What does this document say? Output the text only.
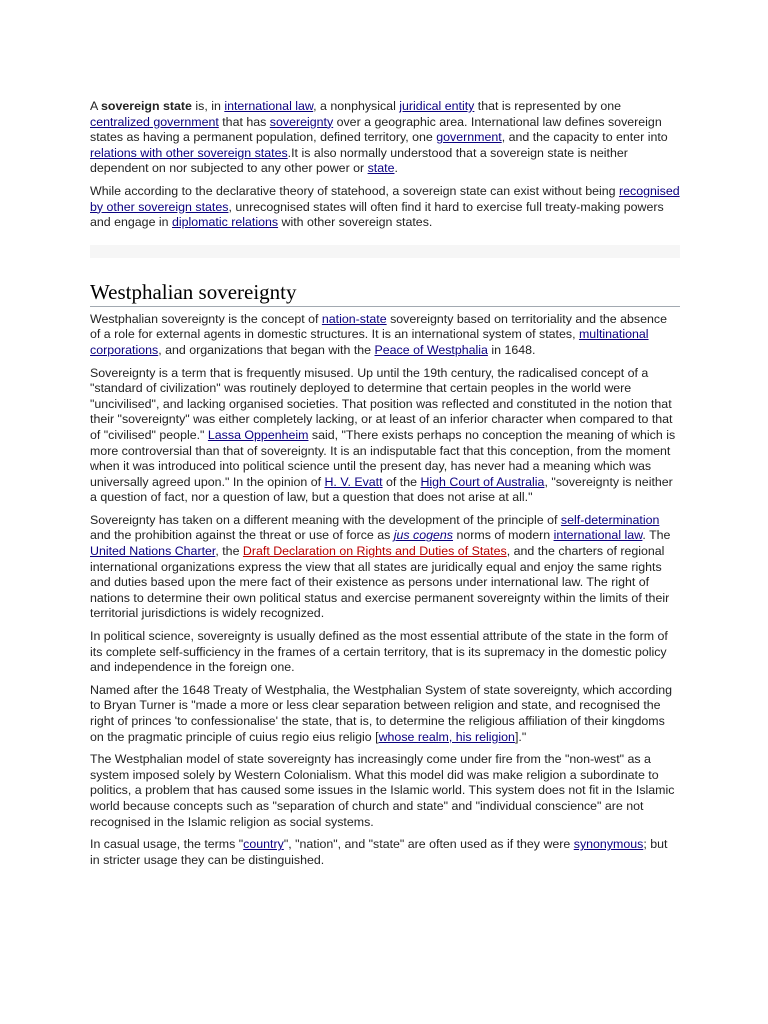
A sovereign state is, in international law, a nonphysical juridical entity that is represented by one centralized government that has sovereignty over a geographic area. International law defines sovereign states as having a permanent population, defined territory, one government, and the capacity to enter into relations with other sovereign states.It is also normally understood that a sovereign state is neither dependent on nor subjected to any other power or state.

While according to the declarative theory of statehood, a sovereign state can exist without being recognised by other sovereign states, unrecognised states will often find it hard to exercise full treaty-making powers and engage in diplomatic relations with other sovereign states.

Westphalian sovereignty

Westphalian sovereignty is the concept of nation-state sovereignty based on territoriality and the absence of a role for external agents in domestic structures. It is an international system of states, multinational corporations, and organizations that began with the Peace of Westphalia in 1648.

Sovereignty is a term that is frequently misused. Up until the 19th century, the radicalised concept of a "standard of civilization" was routinely deployed to determine that certain peoples in the world were "uncivilised", and lacking organised societies. That position was reflected and constituted in the notion that their "sovereignty" was either completely lacking, or at least of an inferior character when compared to that of "civilised" people." Lassa Oppenheim said, "There exists perhaps no conception the meaning of which is more controversial than that of sovereignty. It is an indisputable fact that this conception, from the moment when it was introduced into political science until the present day, has never had a meaning which was universally agreed upon." In the opinion of H. V. Evatt of the High Court of Australia, "sovereignty is neither a question of fact, nor a question of law, but a question that does not arise at all."

Sovereignty has taken on a different meaning with the development of the principle of self-determination and the prohibition against the threat or use of force as jus cogens norms of modern international law. The United Nations Charter, the Draft Declaration on Rights and Duties of States, and the charters of regional international organizations express the view that all states are juridically equal and enjoy the same rights and duties based upon the mere fact of their existence as persons under international law. The right of nations to determine their own political status and exercise permanent sovereignty within the limits of their territorial jurisdictions is widely recognized.

In political science, sovereignty is usually defined as the most essential attribute of the state in the form of its complete self-sufficiency in the frames of a certain territory, that is its supremacy in the domestic policy and independence in the foreign one.

Named after the 1648 Treaty of Westphalia, the Westphalian System of state sovereignty, which according to Bryan Turner is "made a more or less clear separation between religion and state, and recognised the right of princes 'to confessionalise' the state, that is, to determine the religious affiliation of their kingdoms on the pragmatic principle of cuius regio eius religio [whose realm, his religion]."

The Westphalian model of state sovereignty has increasingly come under fire from the "non-west" as a system imposed solely by Western Colonialism. What this model did was make religion a subordinate to politics, a problem that has caused some issues in the Islamic world. This system does not fit in the Islamic world because concepts such as "separation of church and state" and "individual conscience" are not recognised in the Islamic religion as social systems.

In casual usage, the terms "country", "nation", and "state" are often used as if they were synonymous; but in stricter usage they can be distinguished.
